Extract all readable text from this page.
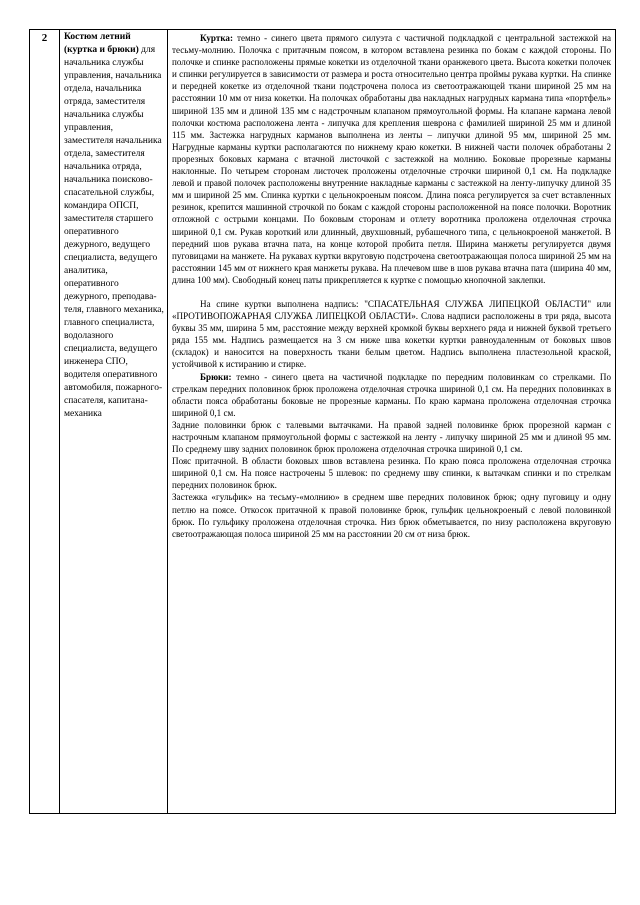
2	Костюм летний (куртка и брюки) для начальника службы управления, начальника отдела, начальника отряда, заместителя начальника службы управления, заместителя начальника отдела, заместителя начальника отряда, начальника поисково-спасательной службы, командира ОПСП, заместителя старшего оперативного дежурного, ведущего специалиста, ведущего аналитика, оперативного дежурного, преподава-теля, главного механика, главного специалиста, водолазного специалиста, ведущего инженера СПО, водителя оперативного автомобиля, пожарного-спасателя, капитана-механика

Куртка: темно - синего цвета прямого силуэта с частичной подкладкой с центральной застежкой на тесьму-молнию. Полочка с притачным поясом, в котором вставлена резинка по бокам с каждой стороны. По полочке и спинке расположены прямые кокетки из отделочной ткани оранжевого цвета. Высота кокетки полочек и спинки регулируется в зависимости от размера и роста относительно центра проймы рукава куртки. На спинке и передней кокетке из отделочной ткани подстрочена полоса из светоотражающей ткани шириной 25 мм на расстоянии 10 мм от низа кокетки. На полочках обработаны два накладных нагрудных кармана типа «портфель» шириной 135 мм и длиной 135 мм с надстрочным клапаном прямоугольной формы. На клапане кармана левой полочки костюма расположена лента - липучка для крепления шеврона с фамилией шириной 25 мм и длиной 115 мм. Застежка нагрудных карманов выполнена из ленты – липучки длиной 95 мм, шириной 25 мм. Нагрудные карманы куртки располагаются по нижнему краю кокетки. В нижней части полочек обработаны 2 прорезных боковых кармана с втачной листочкой с застежкой на молнию. Боковые прорезные карманы наклонные. По четырем сторонам листочек проложены отделочные строчки шириной 0,1 см. На подкладке левой и правой полочек расположены внутренние накладные карманы с застежкой на ленту-липучку длиной 35 мм и шириной 25 мм. Спинка куртки с цельнокроеным поясом. Длина пояса регулируется за счет вставленных резинок, крепится машинной строчкой по бокам с каждой стороны расположенной на поясе полочки. Воротник отложной с острыми концами. По боковым сторонам и отлету воротника проложена отделочная строчка шириной 0,1 см. Рукав короткий или длинный, двухшовный, рубашечного типа, с цельнокроеной манжетой. В передний шов рукава втачна пата, на конце которой пробита петля. Ширина манжеты регулируется двумя пуговицами на манжете. На рукавах куртки вкруговую подстрочена светоотражающая полоса шириной 25 мм на расстоянии 145 мм от нижнего края манжеты рукава. На плечевом шве в шов рукава втачна пата (ширина 40 мм, длина 100 мм). Свободный конец паты прикрепляется к куртке с помощью кнопочной заклепки.

На спине куртки выполнена надпись: "СПАСАТЕЛЬНАЯ СЛУЖБА ЛИПЕЦКОЙ ОБЛАСТИ" или «ПРОТИВОПОЖАРНАЯ СЛУЖБА ЛИПЕЦКОЙ ОБЛАСТИ». Слова надписи расположены в три ряда, высота буквы 35 мм, ширина 5 мм, расстояние между верхней кромкой буквы верхнего ряда и нижней буквой третьего ряда 155 мм. Надпись размещается на 3 см ниже шва кокетки куртки равноудаленным от боковых швов (складок) и наносится на поверхность ткани белым цветом. Надпись выполнена пластезольной краской, устойчивой к истиранию и стирке.

Брюки: темно - синего цвета на частичной подкладке по передним половинкам со стрелками. По стрелкам передних половинок брюк проложена отделочная строчка шириной 0,1 см. На передних половинках в области пояса обработаны боковые не прорезные карманы. По краю кармана проложена отделочная строчка шириной 0,1 см.

Задние половинки брюк с талевыми вытачками. На правой задней половинке брюк прорезной карман с настрочным клапаном прямоугольной формы с застежкой на ленту - липучку шириной 25 мм и длиной 95 мм. По среднему шву задних половинок брюк проложена отделочная строчка шириной 0,1 см.

Пояс притачной. В области боковых швов вставлена резинка. По краю пояса проложена отделочная строчка шириной 0,1 см. На поясе настрочены 5 шлевок: по среднему шву спинки, к вытачкам спинки и по стрелкам передних половинок брюк.

Застежка «гульфик» на тесьму-«молнию» в среднем шве передних половинок брюк; одну пуговицу и одну петлю на поясе. Откосок притачной к правой половинке брюк, гульфик цельнокроеный с левой половинкой брюк. По гульфику проложена отделочная строчка. Низ брюк обметывается, по низу расположена вкруговую светоотражающая полоса шириной 25 мм на расстоянии 20 см от низа брюк.
